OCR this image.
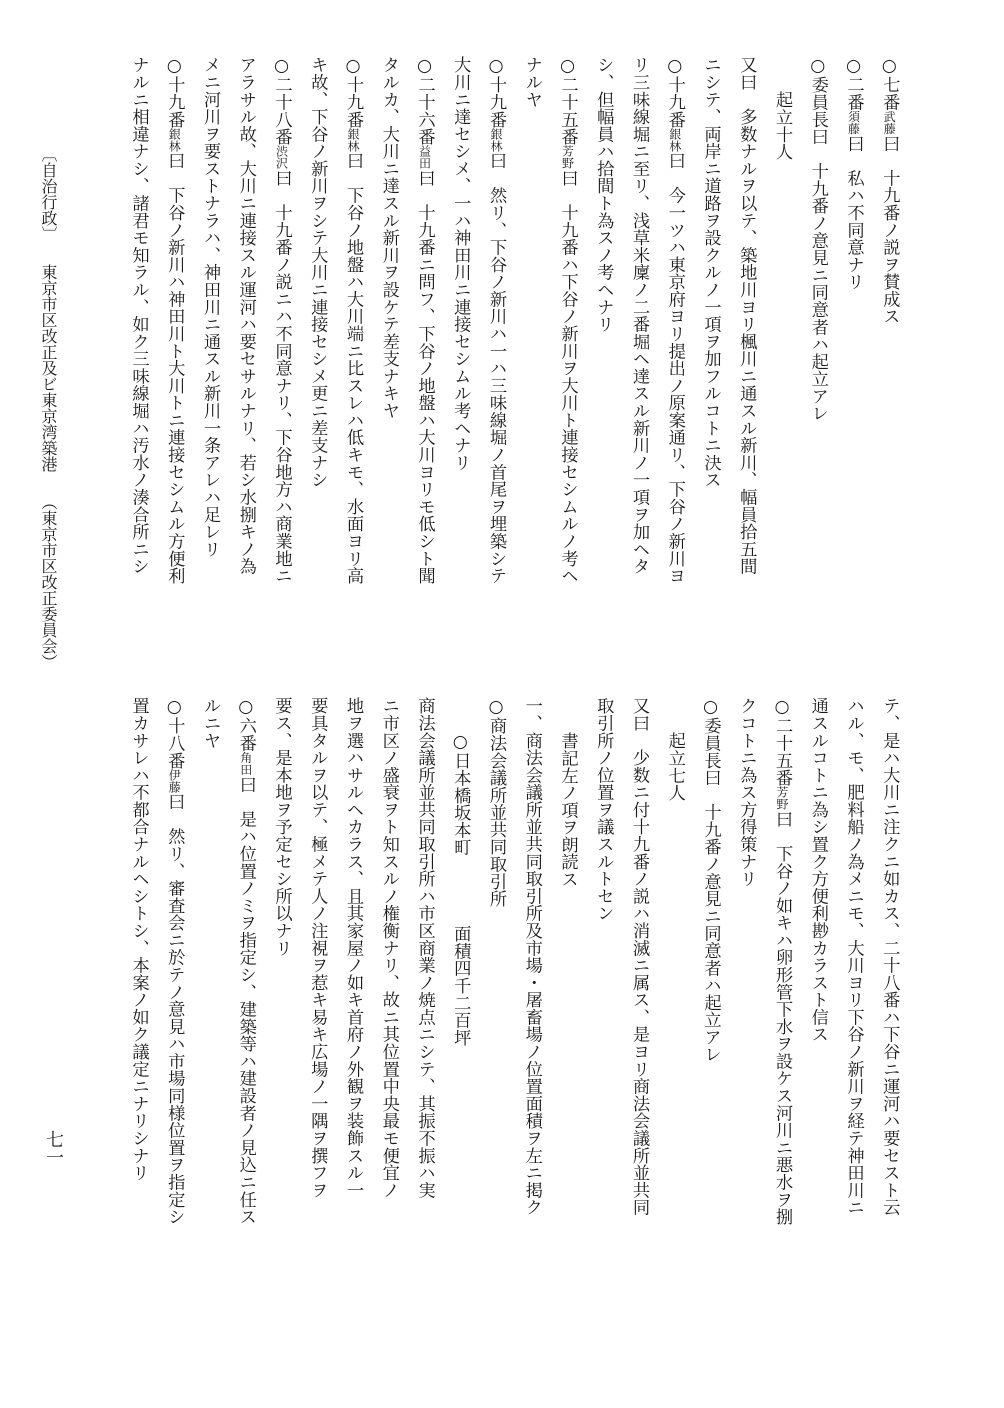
○七番武藤曰　十九番ノ説ヲ賛成ス
○二番須藤曰　私ハ不同意ナリ
○委員長曰　十九番ノ意見ニ同意者ハ起立アレ
起立十人
又曰　多数ナルヲ以テ、築地川ヨリ楓川ニ通スル新川、幅員拾五間
ニシテ、両岸ニ道路ヲ設クルノ一項ヲ加フルコトニ決ス
○十九番銀林曰　今一ツハ東京府ヨリ提出ノ原案通リ、下谷ノ新川ヨ
リ三味線堀ニ至リ、浅草米廩ノ二番堀ヘ達スル新川ノ一項ヲ加ヘタ
シ、但幅員ハ拾間ト為スノ考ヘナリ
○二十五番芳野曰　十九番ハ下谷ノ新川ヲ大川ト連接セシムルノ考ヘ
ナルヤ
○十九番銀林曰　然リ、下谷ノ新川ハ一ハ三味線堀ノ首尾ヲ埋築シテ
大川ニ達セシメ、一ハ神田川ニ連接セシムル考ヘナリ
○二十六番益田曰　十九番ニ問フ、下谷ノ地盤ハ大川ヨリモ低シト聞
タルカ、大川ニ達スル新川ヲ設ケテ差支ナキヤ
○十九番銀林曰　下谷ノ地盤ハ大川端ニ比スレハ低キモ、水面ヨリ高
キ故、下谷ノ新川ヲシテ大川ニ連接セシメ更ニ差支ナシ
○二十八番渋沢曰　十九番ノ説ニハ不同意ナリ、下谷地方ハ商業地ニ
アラサル故、大川ニ連接スル運河ハ要セサルナリ、若シ水捌キノ為
メニ河川ヲ要ストナラハ、神田川ニ通スル新川一条アレハ足レリ
○十九番銀林曰　下谷ノ新川ハ神田川ト大川トニ連接セシムル方便利
ナルニ相違ナシ、諸君モ知ラル、如ク三味線堀ハ汚水ノ湊合所ニシ
テ、是ハ大川ニ注クニ如カス、二十八番ハ下谷ニ運河ハ要セスト云
ハル、モ、肥料船ノ為メニモ、大川ヨリ下谷ノ新川ヲ経テ神田川ニ
通スルコトニ為シ置ク方便利尠カラスト信ス
○二十五番芳野曰　下谷ノ如キハ卵形管下水ヲ設ケス河川ニ悪水ヲ捌
クコトニ為ス方得策ナリ
○委員長曰　十九番ノ意見ニ同意者ハ起立アレ
起立七人
又曰　少数ニ付十九番ノ説ハ消滅ニ属ス、是ヨリ商法会議所並共同
取引所ノ位置ヲ議スルトセン
書記左ノ項ヲ朗読ス
一、商法会議所並共同取引所及市場・屠畜場ノ位置面積ヲ左ニ掲ク
○商法会議所並共同取引所
○日本橋坂本町　　　　面積四千二百坪
商法会議所並共同取引所ハ市区商業ノ焼点ニシテ、其振不振ハ実
ニ市区ノ盛衰ヲト知スルノ権衡ナリ、故ニ其位置中央最モ便宜ノ
地ヲ選ハサルヘカラス、且其家屋ノ如キ首府ノ外観ヲ装飾スル一
要具タルヲ以テ、極メテ人ノ注視ヲ惹キ易キ広場ノ一隅ヲ撰フヲ
要ス、是本地ヲ予定セシ所以ナリ
○六番角田曰　是ハ位置ノミヲ指定シ、建築等ハ建設者ノ見込ニ任ス
ルニヤ
○十八番伊藤曰　然リ、審査会ニ於テノ意見ハ市場同様位置ヲ指定シ
置カサレハ不都合ナルヘシトシ、本案ノ如ク議定ニナリシナリ
〔自治行政〕東京市区改正及ビ東京湾築港（東京市区改正委員会）
七一
